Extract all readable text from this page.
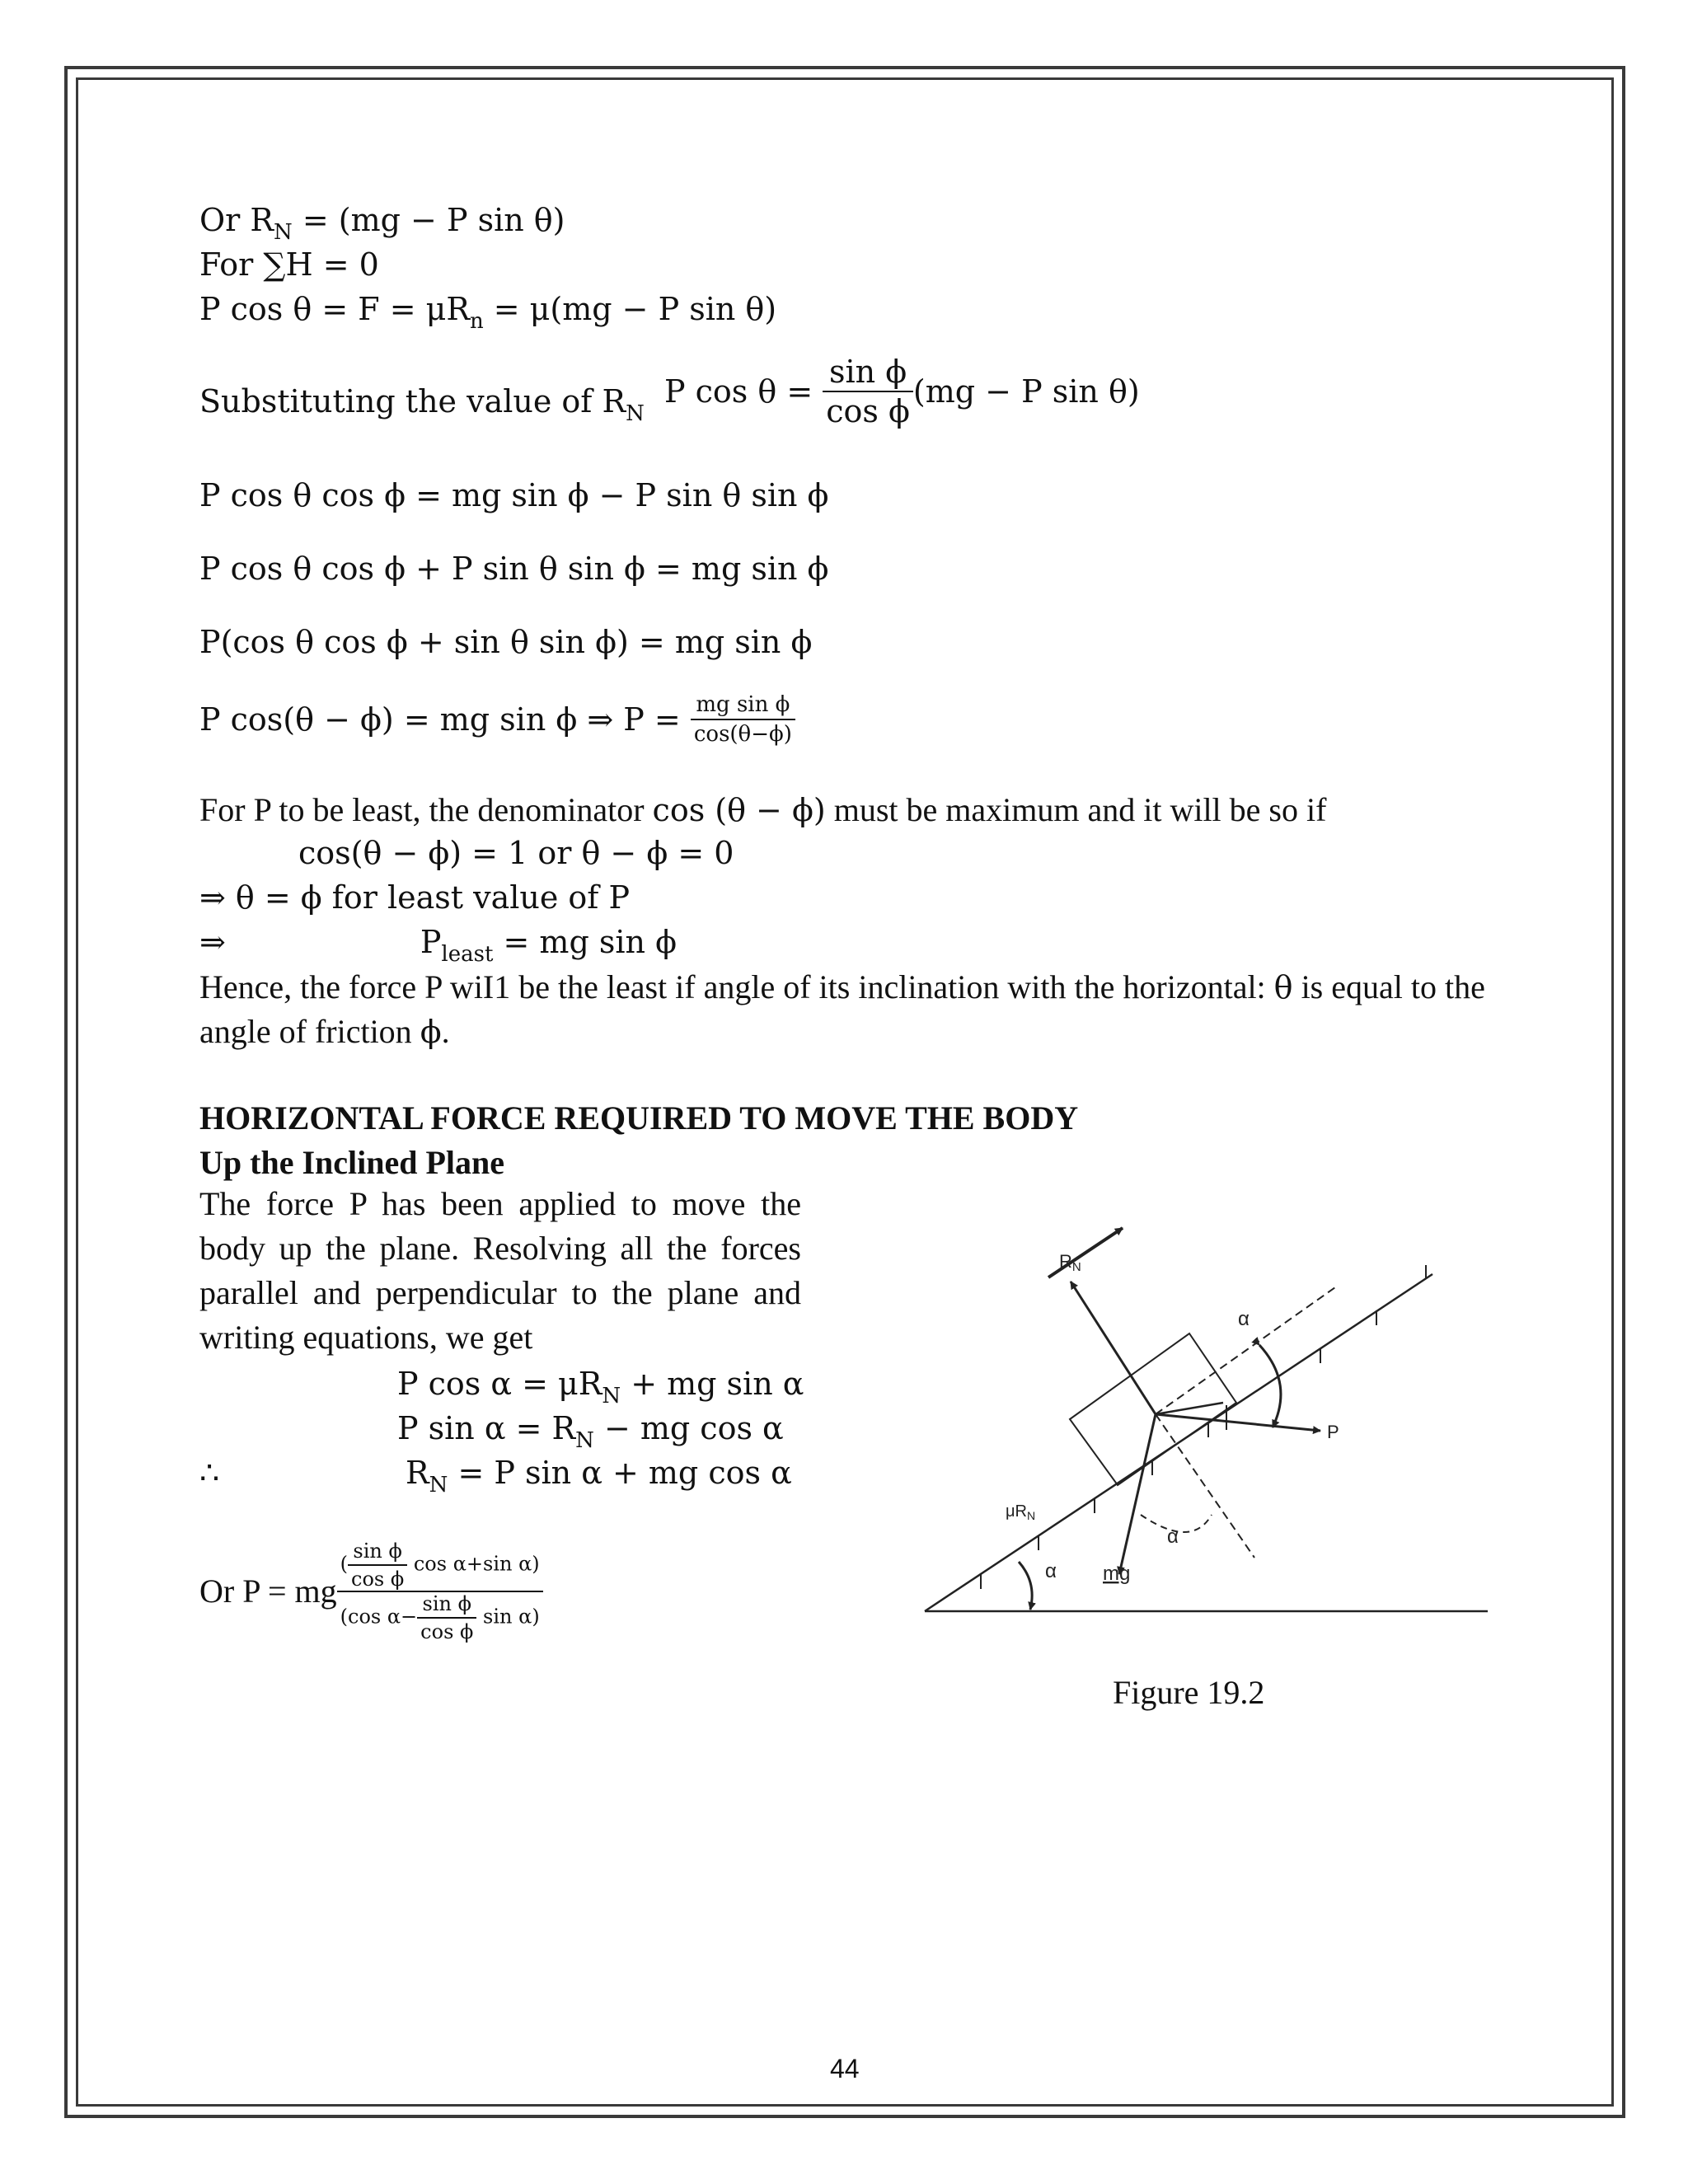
Or $R_N = (mg - P$ sin θ)
For ∑H = 0
P $\cos \theta = F = \mu R_n = \mu(mg - P$ sin θ)
Substituting the value of $R_N$
P $\cos \theta = \frac{\text{sin ϕ}}{\text{cos ϕ}} (mg - P$ sin θ)
P cos θ cos ϕ = mg sin ϕ − P sin θ sin ϕ
P cos θ cos ϕ + P sin θ sin ϕ = mg sin ϕ
P(cos θ cos ϕ + sin θ sin ϕ) = mg sin ϕ
P cos(θ − ϕ) = mg sin ϕ ⇒ $P = \frac{\text{mg sin ϕ}}{\cos(\theta-\phi)}$
For P to be least, the denominator cos (θ − ϕ) must be maximum and it will be so if
cos(θ − ϕ) = 1 or θ − ϕ = 0
⇒ θ = ϕ for least value of P
⇒	$P_{least}$ = mg sin ϕ
Hence, the force P wiI1 be the least if angle of its inclination with the horizontal: θ is equal to the
angle of friction ϕ.
HORIZONTAL FORCE REQUIRED TO MOVE THE BODY
Up the Inclined Plane
The force P has been applied to move the
body up the plane. Resolving all the forces
parallel and perpendicular to the plane and
writing equations, we get
P $\cos \alpha = \mu R_N$ + mg sin α
P $\sin \alpha = R_N$ − mg cos α
∴	$R_N = P$ sin α + mg cos α
Or P = mg $\frac{( \frac{\text{sin ϕ}}{\text{cos ϕ}} \cos \alpha+\sin \alpha)}{(\cos \alpha- \frac{\text{sin ϕ}}{\text{cos ϕ}} \sin \alpha)}$
RN
α
P
$\mu R_N$
α
α mg
Figure 19.2
44
